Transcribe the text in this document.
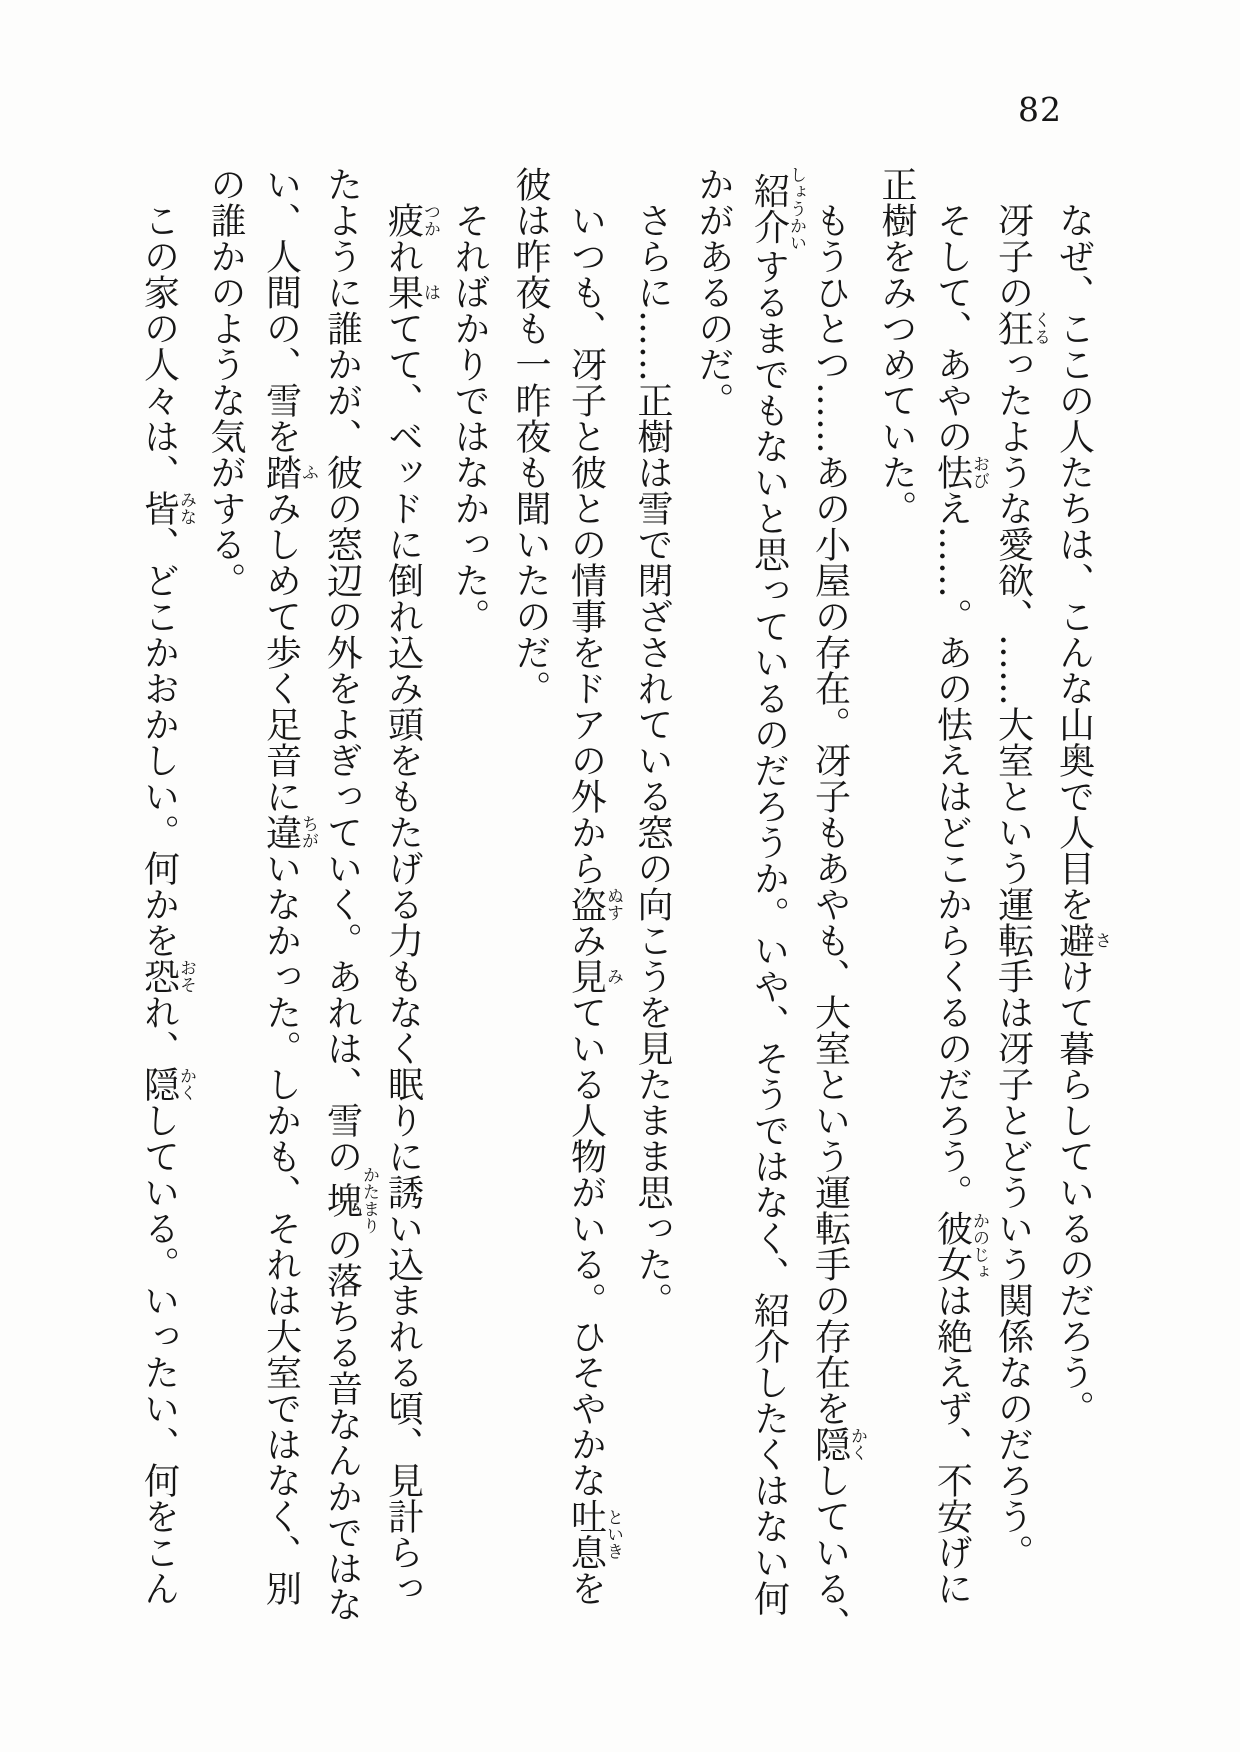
82
なぜ、ここの人たちは、こんな山奥で人目を避さけて暮らしているのだろう。
冴子の狂くるったような愛欲、……大室という運転手は冴子とどういう関係なのだろう。
そして、あやの怯おびえ……。あの怯えはどこからくるのだろう。彼女かのじょは絶えず、不安げに
正樹をみつめていた。
もうひとつ……あの小屋の存在。冴子もあやも、大室という運転手の存在を隠かくしている、
紹介しょうかいするまでもないと思っているのだろうか。いや、そうではなく、紹介したくはない何
かがあるのだ。
さらに……正樹は雪で閉ざされている窓の向こうを見たまま思った。
いつも、冴子と彼との情事をドアの外から盗ぬすみ見みている人物がいる。ひそやかな吐息といきを
彼は昨夜も一昨夜も聞いたのだ。
そればかりではなかった。
疲つかれ果はてて、ベッドに倒れ込み頭をもたげる力もなく眠りに誘い込まれる頃、見計らっ
たように誰かが、彼の窓辺の外をよぎっていく。あれは、雪の塊かたまりの落ちる音なんかではな
い、人間の、雪を踏ふみしめて歩く足音に違ちがいなかった。しかも、それは大室ではなく、別
の誰かのような気がする。
この家の人々は、皆みな、どこかおかしい。何かを恐おそれ、隠かくしている。いったい、何をこん
